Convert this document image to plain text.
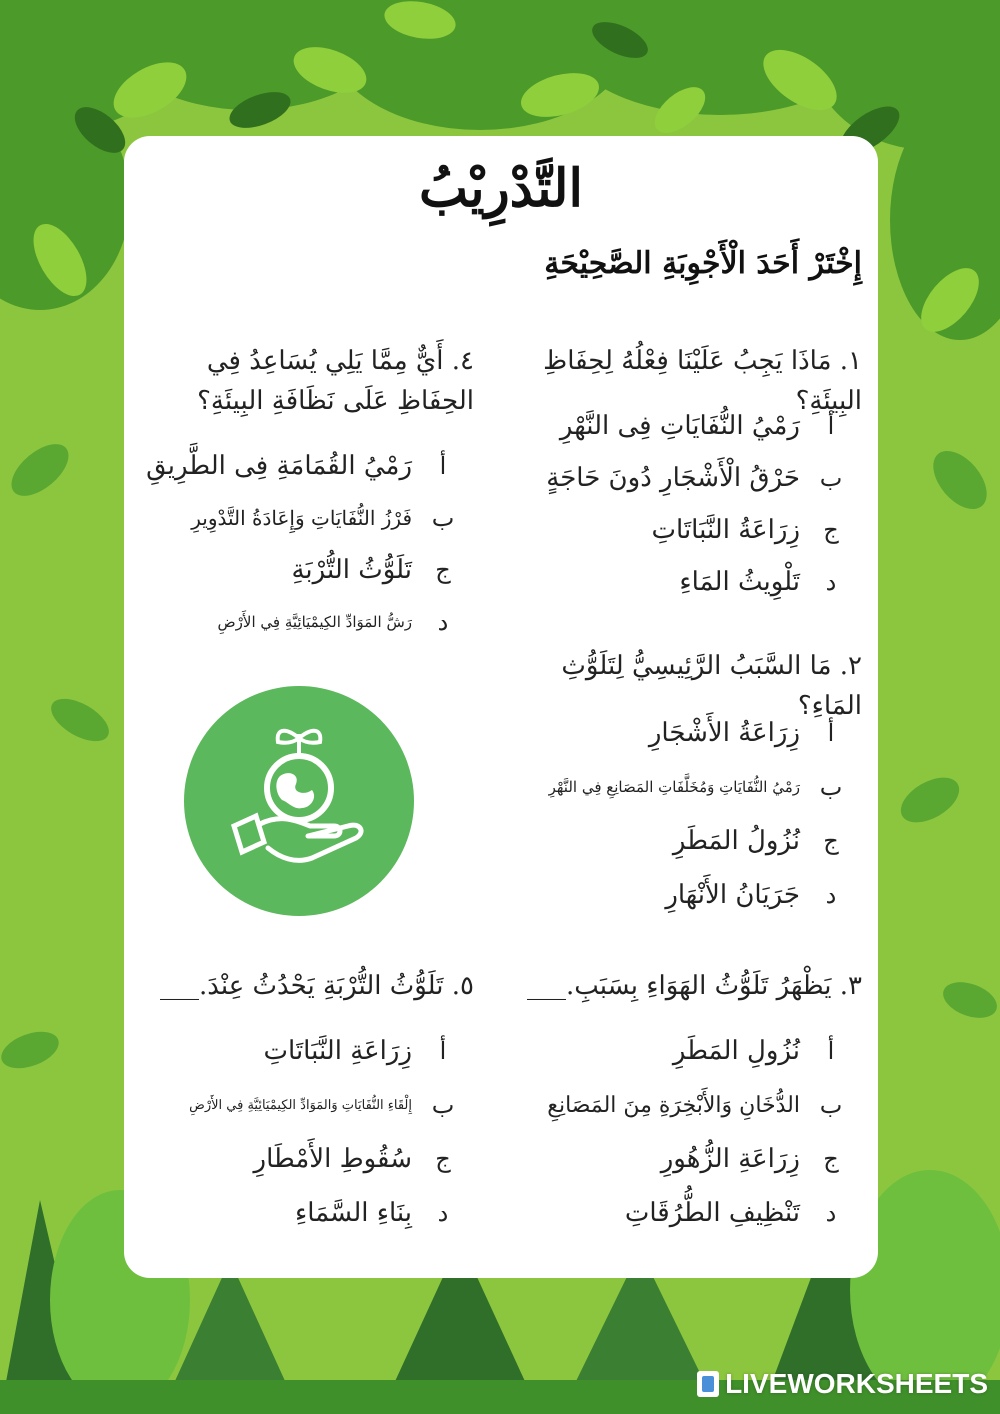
التَّدْرِيْبُ
إِخْتَرْ أَحَدَ الْأَجْوِبَةِ الصَّحِيْحَةِ
١. مَاذَا يَجِبُ عَلَيْنَا فِعْلُهُ لِحِفَاظِ البِيئَةِ؟
أ
رَمْيُ النُّفَايَاتِ فِى النَّهْرِ
ب
حَرْقُ الْأَشْجَارِ دُونَ حَاجَةٍ
ج
زِرَاعَةُ النَّبَاتَاتِ
د
تَلْوِيثُ المَاءِ
٢. مَا السَّبَبُ الرَّئِيسِيُّ لِتَلَوُّثِ المَاءِ؟
أ
زِرَاعَةُ الأَشْجَارِ
ب
رَمْيُ النُّفَايَاتِ وَمُخَلَّفَاتِ المَصَانِعِ فِي النَّهْرِ
ج
نُزُولُ المَطَرِ
د
جَرَيَانُ الأَنْهَارِ
٣. يَظْهَرُ تَلَوُّثُ الهَوَاءِ بِسَبَبِ.___
أ
نُزُولِ المَطَرِ
ب
الدُّخَانِ وَالأَبْخِرَةِ مِنَ المَصَانِعِ
ج
زِرَاعَةِ الزُّهُورِ
د
تَنْظِيفِ الطُّرُقَاتِ
٤. أَيٌّ مِمَّا يَلِي يُسَاعِدُ فِي الحِفَاظِ عَلَى نَظَافَةِ البِيئَةِ؟
أ
رَمْيُ القُمَامَةِ فِى الطَّرِيقِ
ب
فَرْزُ النُّفَايَاتِ وَإِعَادَةُ التَّدْوِيرِ
ج
تَلَوُّثُ التُّرْبَةِ
د
رَشُّ المَوَادِّ الكِيمْيَائِيَّةِ فِي الأَرْضِ
٥. تَلَوُّثُ التُّرْبَةِ يَحْدُثُ عِنْدَ.___
أ
زِرَاعَةِ النَّبَاتَاتِ
ب
إِلْقَاءِ النُّفَايَاتِ وَالمَوَادِّ الكِيمْيَائِيَّةِ فِي الأَرْضِ
ج
سُقُوطِ الأَمْطَارِ
د
بِنَاءِ السَّمَاءِ
LIVEWORKSHEETS
